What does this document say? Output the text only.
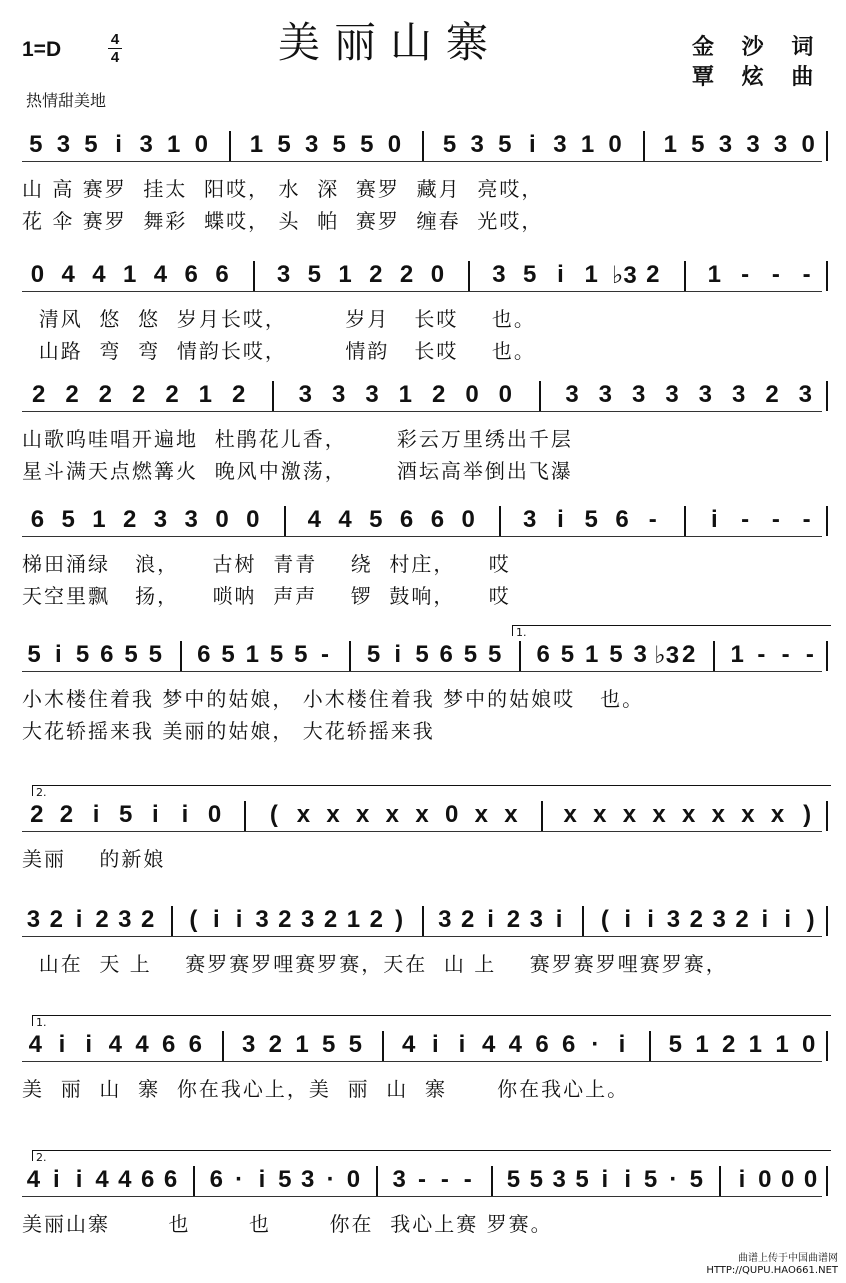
1=D	4
4	美丽山寨	金 沙 词
覃 炫 曲
热情甜美地
5 3 5 i 3 1 0 1 5 3 5 5 0 5 3 5 i 3 1 0 1 5 3 3 3 0
山 高 赛罗  挂太  阳哎， 水  深  赛罗  藏月  亮哎，
花 伞 赛罗  舞彩  蝶哎， 头  帕  赛罗  缠春  光哎，
0 4 4 1 4 6 6 3 5 1 2 2 0 3 5 i 1 ♭3 2 1 - - -
清风  悠  悠  岁月长哎，       岁月   长哎    也。
山路  弯  弯  情韵长哎，       情韵   长哎    也。
2 2 2 2 2 1 2 3 3 3 1 2 0 0 3 3 3 3 3 3 2 3
山歌呜哇唱开遍地  杜鹃花儿香，      彩云万里绣出千层
星斗满天点燃篝火  晚风中激荡，      酒坛高举倒出飞瀑
6 5 1 2 3 3 0 0 4 4 5 6 6 0 3 i 5 6 - i - - -
梯田涌绿   浪，    古树  青青    绕  村庄，    哎
天空里飘   扬，    唢呐  声声    锣  鼓响，    哎
1.
5 i 5 6 5 5 6 5 1 5 5 - 5 i 5 6 5 5 6 5 1 5 3 ♭3 2 1 - - -
小木楼住着我 梦中的姑娘， 小木楼住着我 梦中的姑娘哎   也。
大花轿摇来我 美丽的姑娘， 大花轿摇来我
2.
2 2 i 5 i i 0 ( x x x x x 0 x x x x x x x x x x )
美丽    的新娘
3 2 i 2 3 2 ( i i 3 2 3 2 1 2 ) 3 2 i 2 3 i ( i i 3 2 3 2 i i )
山在  天 上    赛罗赛罗哩赛罗赛，天在  山 上    赛罗赛罗哩赛罗赛，
1.
4 i i 4 4 6 6 3 2 1 5 5 4 i i 4 4 6 6 · i 5 1 2 1 1 0
美  丽  山  寨  你在我心上，美  丽  山  寨      你在我心上。
2.
4 i i 4 4 6 6 6 · i 5 3 · 0 3 - - - 5 5 3 5 i i 5 · 5 i 0 0 0
美丽山寨       也       也       你在  我心上赛 罗赛。
曲谱上传于中国曲谱网
HTTP://QUPU.HAO661.NET
